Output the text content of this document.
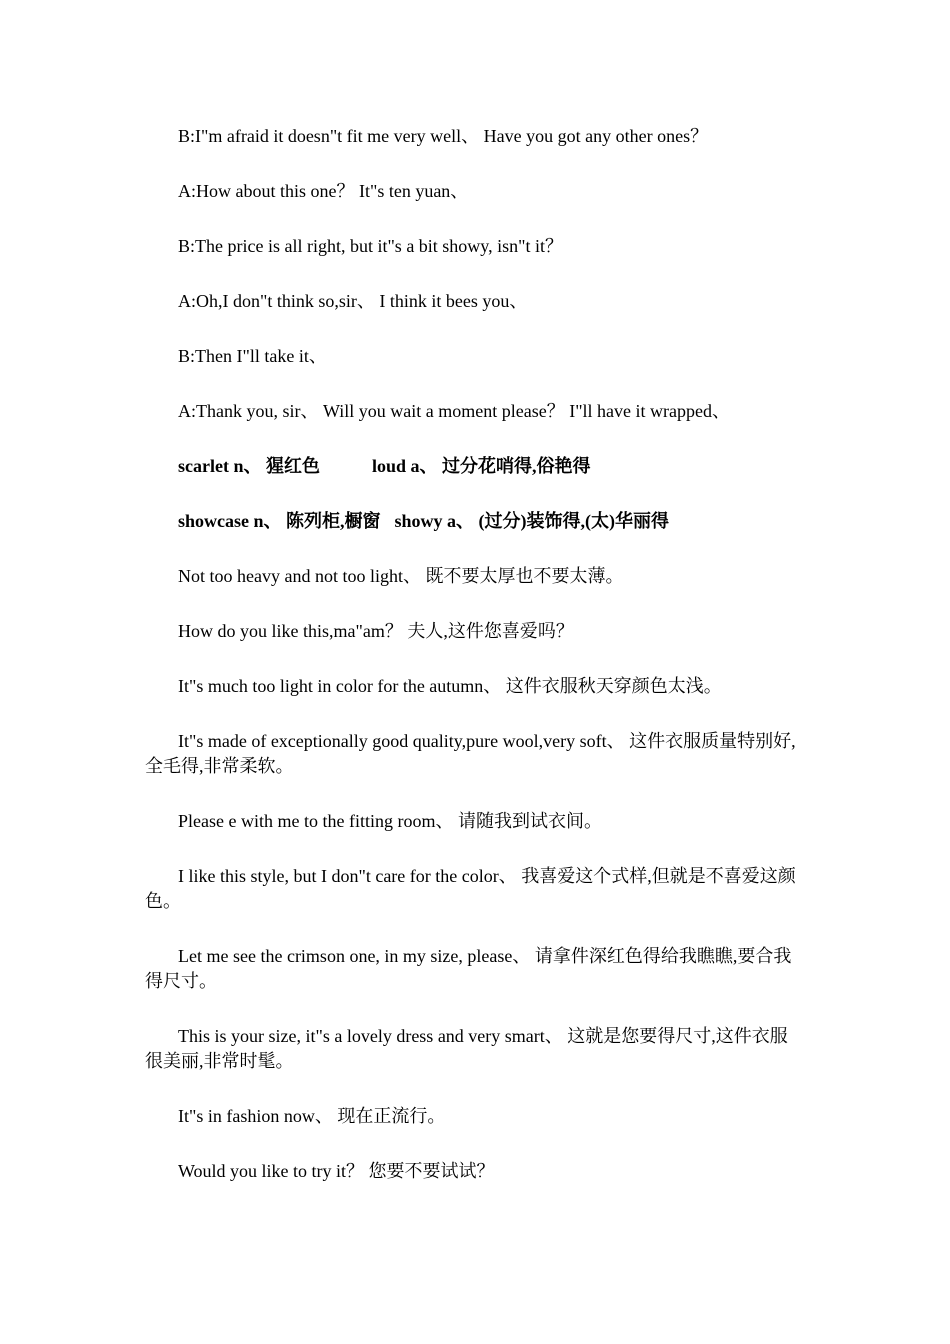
B:I"m afraid it doesn"t fit me very well、 Have you got any other ones？

A:How about this one？ It"s ten yuan、

B:The price is all right, but it"s a bit showy, isn"t it？

A:Oh,I don"t think so,sir、 I think it bees you、

B:Then I"ll take it、

A:Thank you, sir、 Will you wait a moment please？ I"ll have it wrapped、

scarlet n、 猩红色	loud a、 过分花哨得,俗艳得

showcase n、 陈列柜,橱窗 showy a、 (过分)装饰得,(太)华丽得

Not too heavy and not too light、 既不要太厚也不要太薄。

How do you like this,ma"am？ 夫人,这件您喜爱吗？

It"s much too light in color for the autumn、 这件衣服秋天穿颜色太浅。

It"s made of exceptionally good quality,pure wool,very soft、 这件衣服质量特别好,全毛得,非常柔软。

Please e with me to the fitting room、 请随我到试衣间。

I like this style, but I don"t care for the color、 我喜爱这个式样,但就是不喜爱这颜色。

Let me see the crimson one, in my size, please、 请拿件深红色得给我瞧瞧,要合我得尺寸。

This is your size, it"s a lovely dress and very smart、 这就是您要得尺寸,这件衣服很美丽,非常时髦。

It"s in fashion now、 现在正流行。

Would you like to try it？ 您要不要试试？
